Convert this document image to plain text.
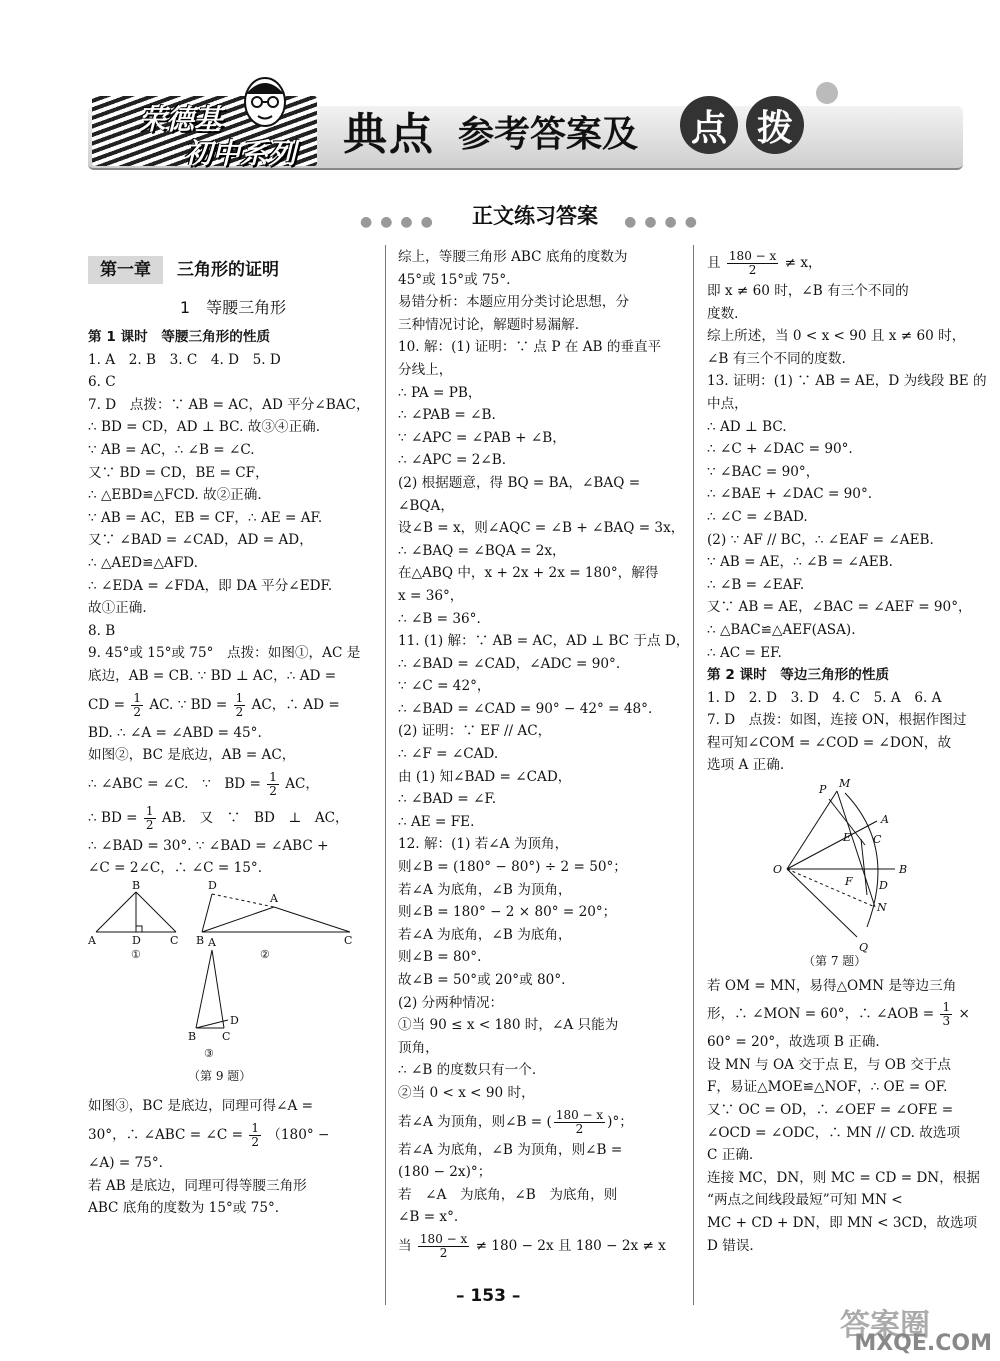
荣德基
初中系列 典点 参考答案及	点 拨
●●●●	正文练习答案	●●●●
第一章	三角形的证明
1　等腰三角形
第 1 课时　等腰三角形的性质
1. A　2. B　3. C　4. D　5. D
6. C
7. D　点拨：∵ AB = AC，AD 平分∠BAC，
∴ BD = CD，AD ⊥ BC. 故③④正确.
∵ AB = AC，∴ ∠B = ∠C.
又∵ BD = CD，BE = CF，
∴ △EBD≌△FCD. 故②正确.
∵ AB = AC，EB = CF，∴ AE = AF.
又∵ ∠BAD = ∠CAD，AD = AD，
∴ △AED≌△AFD.
∴ ∠EDA = ∠FDA，即 DA 平分∠EDF.
故①正确.
8. B
9. 45°或 15°或 75°　点拨：如图①，AC 是
底边，AB = CB. ∵ BD ⊥ AC，∴ AD =
CD = $\frac{1}{2}$ AC. ∵ BD = $\frac{1}{2}$ AC，∴ AD =
BD. ∴ ∠A = ∠ABD = 45°.
如图②，BC 是底边，AB = AC，
∴ ∠ABC = ∠C.　∵　BD = $\frac{1}{2}$ AC，
∴ BD = $\frac{1}{2}$ AB.　又　∵　BD　⊥　AC，
∴ ∠BAD = 30°. ∵ ∠BAD = ∠ABC +
∠C = 2∠C，∴ ∠C = 15°.
B
A	D	C
①
D
A
B	C
②
A
B C
D
③
（第 9 题）
如图③，BC 是底边，同理可得∠A =
30°，∴ ∠ABC = ∠C = $\frac{1}{2} (180^\circ$ −
∠A) = 75°.
若 AB 是底边，同理可得等腰三角形
ABC 底角的度数为 15°或 75°.
综上，等腰三角形 ABC 底角的度数为
45°或 15°或 75°.
易错分析：本题应用分类讨论思想，分
三种情况讨论，解题时易漏解.
10. 解：(1) 证明：∵ 点 P 在 AB 的垂直平
分线上，
∴ PA = PB，
∴ ∠PAB = ∠B.
∵ ∠APC = ∠PAB + ∠B，
∴ ∠APC = 2∠B.
(2) 根据题意，得 BQ = BA，∠BAQ =
∠BQA，
设∠B = x，则∠AQC = ∠B + ∠BAQ = 3x，
∴ ∠BAQ = ∠BQA = 2x，
在△ABQ 中，x + 2x + 2x = 180°，解得
x = 36°，
∴ ∠B = 36°.
11. (1) 解：∵ AB = AC，AD ⊥ BC 于点 D，
∴ ∠BAD = ∠CAD，∠ADC = 90°.
∵ ∠C = 42°，
∴ ∠BAD = ∠CAD = 90° − 42° = 48°.
(2) 证明：∵ EF // AC，
∴ ∠F = ∠CAD.
由 (1) 知∠BAD = ∠CAD，
∴ ∠BAD = ∠F.
∴ AE = FE.
12. 解：(1) 若∠A 为顶角，
则∠B = (180° − 80°) ÷ 2 = 50°；
若∠A 为底角，∠B 为顶角，
则∠B = 180° − 2 × 80° = 20°；
若∠A 为底角，∠B 为底角，
则∠B = 80°.
故∠B = 50°或 20°或 80°.
(2) 分两种情况：
①当 90 ≤ x < 180 时，∠A 只能为
顶角，
∴ ∠B 的度数只有一个.
②当 0 < x < 90 时，
若∠A 为顶角，则∠B = ( $\frac{180 - x}{2}$ )°；
若∠A 为底角，∠B 为顶角，则∠B =
(180 − 2x)°；
若　∠A　为底角，∠B　为底角，则
∠B = x°.
当 $\frac{180 - x}{2} \ne 180 - 2x$ 且 180 − 2x ≠ x
且 $\frac{180 - x}{2} \ne x$，
即 x ≠ 60 时，∠B 有三个不同的
度数.
综上所述，当 0 < x < 90 且 x ≠ 60 时，
∠B 有三个不同的度数.
13. 证明：(1) ∵ AB = AE，D 为线段 BE 的
中点，
∴ AD ⊥ BC.
∴ ∠C + ∠DAC = 90°.
∵ ∠BAC = 90°，
∴ ∠BAE + ∠DAC = 90°.
∴ ∠C = ∠BAD.
(2) ∵ AF // BC，∴ ∠EAF = ∠AEB.
∵ AB = AE，∴ ∠B = ∠AEB.
∴ ∠B = ∠EAF.
又∵ AB = AE，∠BAC = ∠AEF = 90°，
∴ △BAC≌△AEF(ASA).
∴ AC = EF.
第 2 课时　等边三角形的性质
1. D　2. D　3. D　4. C　5. A　6. A
7. D　点拨：如图，连接 ON，根据作图过
程可知∠COM = ∠COD = ∠DON，故
选项 A 正确.
P M
A
E C
O	B
F D
N
Q
（第 7 题）
若 OM = MN，易得△OMN 是等边三角
形，∴ ∠MON = 60°，∴ ∠AOB = $\frac{1}{3}$ ×
60° = 20°，故选项 B 正确.
设 MN 与 OA 交于点 E，与 OB 交于点
F，易证△MOE≌△NOF，∴ OE = OF.
又∵ OC = OD，∴ ∠OEF = ∠OFE =
∠OCD = ∠ODC，∴ MN // CD. 故选项
C 正确.
连接 MC，DN，则 MC = CD = DN，根据
“两点之间线段最短”可知 MN <
MC + CD + DN，即 MN < 3CD，故选项
D 错误.
– 153 –
答案圈
MXQE.COM
